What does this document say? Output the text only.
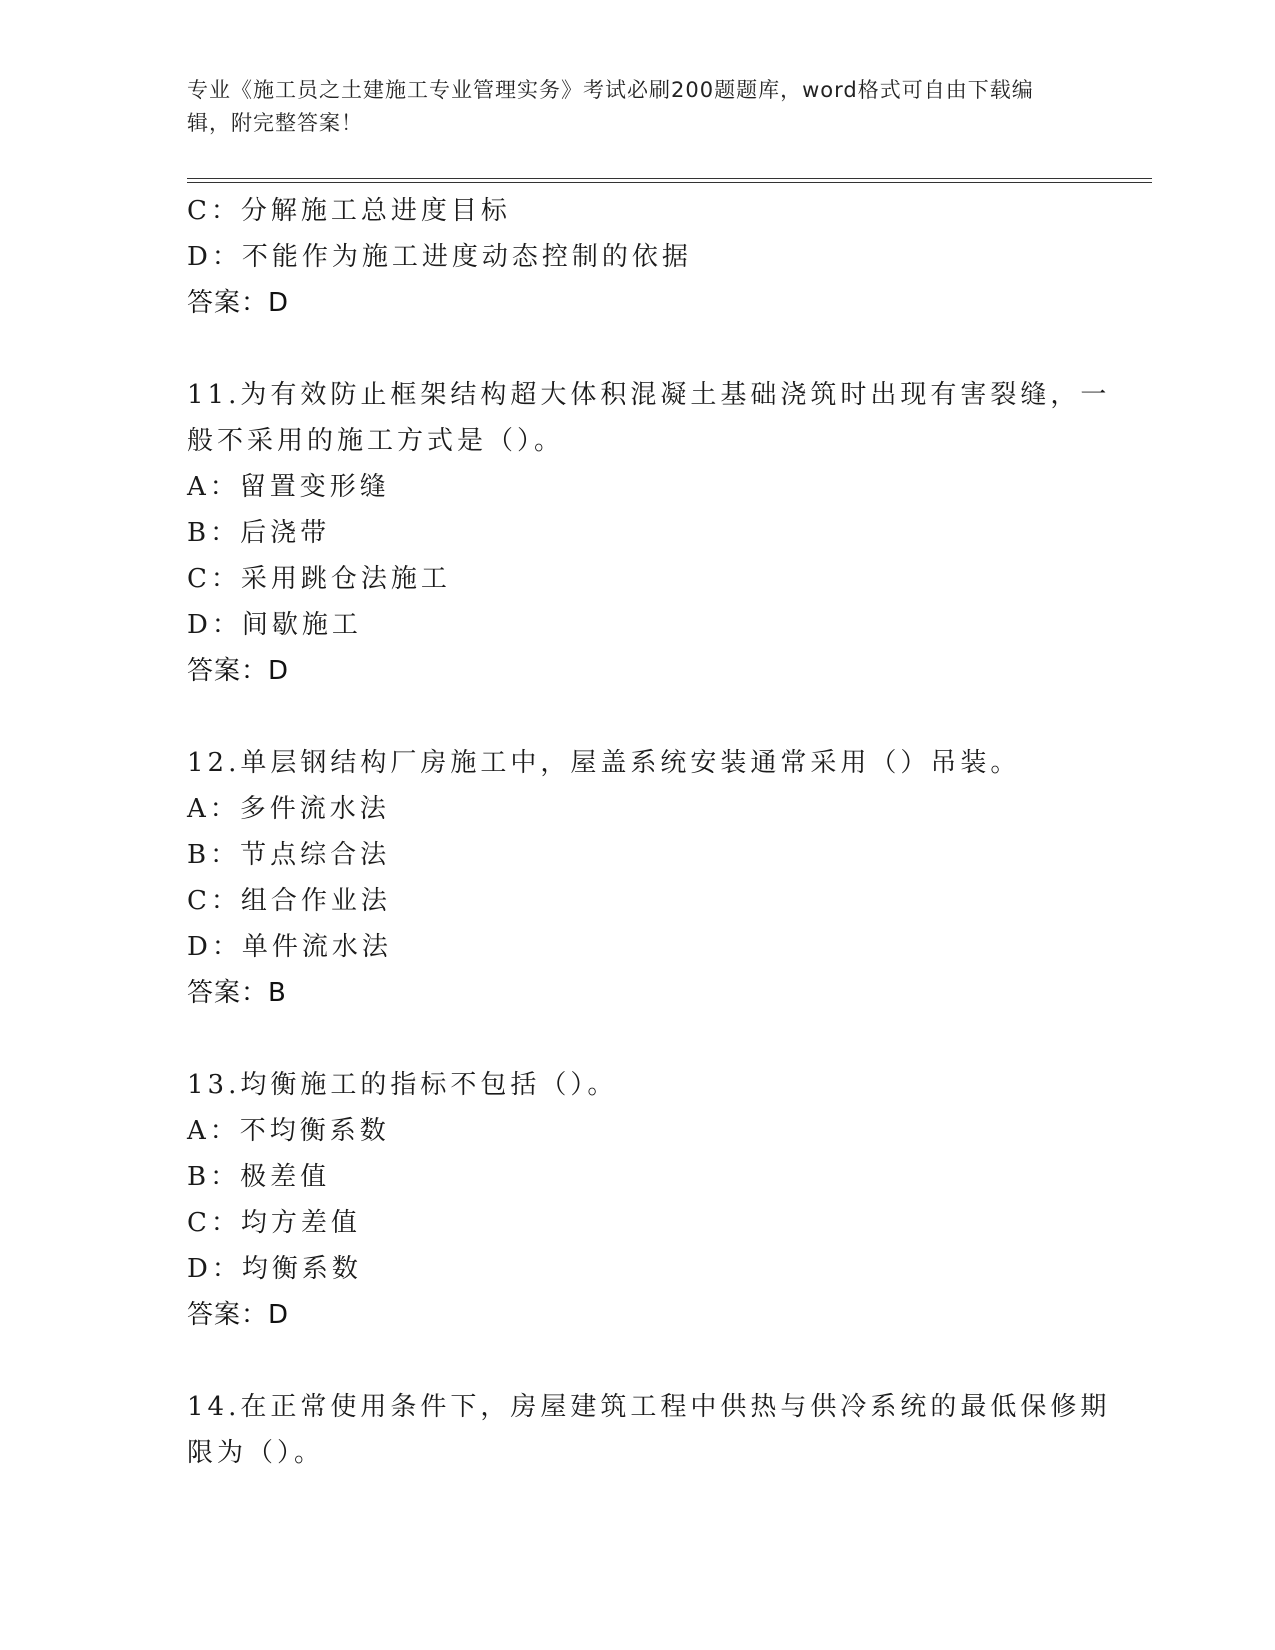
专业《施工员之土建施工专业管理实务》考试必刷200题题库，word格式可自由下载编辑，附完整答案！
C：分解施工总进度目标
D：不能作为施工进度动态控制的依据
答案：D
11.为有效防止框架结构超大体积混凝土基础浇筑时出现有害裂缝，一
般不采用的施工方式是（）。
A：留置变形缝
B：后浇带
C：采用跳仓法施工
D：间歇施工
答案：D
12.单层钢结构厂房施工中，屋盖系统安装通常采用（）吊装。
A：多件流水法
B：节点综合法
C：组合作业法
D：单件流水法
答案：B
13.均衡施工的指标不包括（）。
A：不均衡系数
B：极差值
C：均方差值
D：均衡系数
答案：D
14.在正常使用条件下，房屋建筑工程中供热与供冷系统的最低保修期
限为（）。
